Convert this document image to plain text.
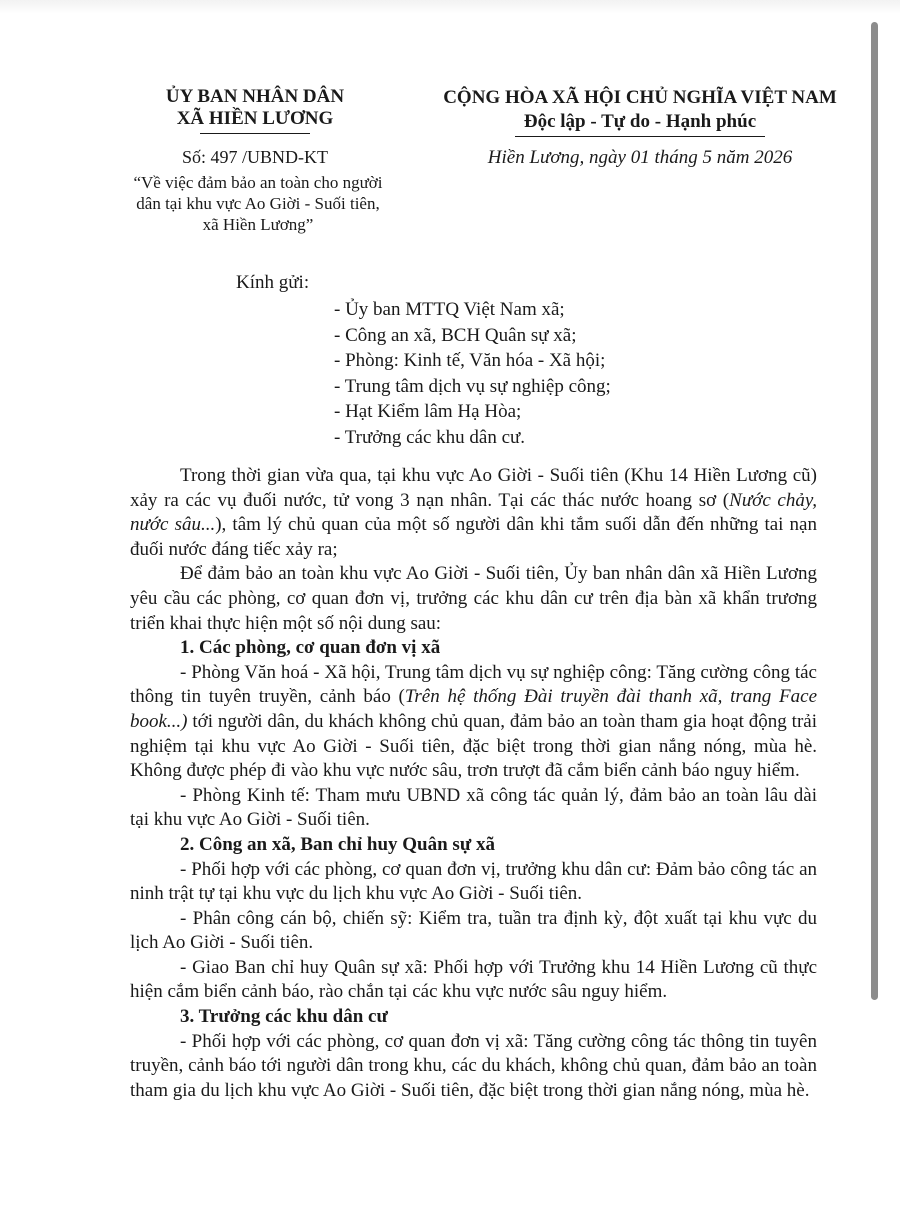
ỦY BAN NHÂN DÂN

XÃ HIỀN LƯƠNG

CỘNG HÒA XÃ HỘI CHỦ NGHĨA VIỆT NAM

Độc lập - Tự do - Hạnh phúc

Số: 497 /UBND-KT
“Về việc đảm bảo an toàn cho người dân tại khu vực Ao Giời - Suối tiên, xã Hiền Lương”
Hiền Lương, ngày 01 tháng 5 năm 2026
Kính gửi:
- Ủy ban MTTQ Việt Nam xã;
- Công an xã, BCH Quân sự xã;
- Phòng: Kinh tế, Văn hóa - Xã hội;
- Trung tâm dịch vụ sự nghiệp công;
- Hạt Kiểm lâm Hạ Hòa;
- Trưởng các khu dân cư.

Trong thời gian vừa qua, tại khu vực Ao Giời - Suối tiên (Khu 14 Hiền Lương cũ) xảy ra các vụ đuối nước, tử vong 3 nạn nhân. Tại các thác nước hoang sơ (Nước chảy, nước sâu...), tâm lý chủ quan của một số người dân khi tắm suối dẫn đến những tai nạn đuối nước đáng tiếc xảy ra;

Để đảm bảo an toàn khu vực Ao Giời - Suối tiên, Ủy ban nhân dân xã Hiền Lương yêu cầu các phòng, cơ quan đơn vị, trưởng các khu dân cư trên địa bàn xã khẩn trương triển khai thực hiện một số nội dung sau:

1. Các phòng, cơ quan đơn vị xã

- Phòng Văn hoá - Xã hội, Trung tâm dịch vụ sự nghiệp công: Tăng cường công tác thông tin tuyên truyền, cảnh báo (Trên hệ thống Đài truyền đài thanh xã, trang Face book...) tới người dân, du khách không chủ quan, đảm bảo an toàn tham gia hoạt động trải nghiệm tại khu vực Ao Giời - Suối tiên, đặc biệt trong thời gian nắng nóng, mùa hè. Không được phép đi vào khu vực nước sâu, trơn trượt đã cắm biển cảnh báo nguy hiểm.

- Phòng Kinh tế: Tham mưu UBND xã công tác quản lý, đảm bảo an toàn lâu dài tại khu vực Ao Giời - Suối tiên.

2. Công an xã, Ban chỉ huy Quân sự xã

- Phối hợp với các phòng, cơ quan đơn vị, trưởng khu dân cư: Đảm bảo công tác an ninh trật tự tại khu vực du lịch khu vực Ao Giời - Suối tiên.

- Phân công cán bộ, chiến sỹ: Kiểm tra, tuần tra định kỳ, đột xuất tại khu vực du lịch Ao Giời - Suối tiên.

- Giao Ban chỉ huy Quân sự xã: Phối hợp với Trưởng khu 14 Hiền Lương cũ thực hiện cắm biển cảnh báo, rào chắn tại các khu vực nước sâu nguy hiểm.

3. Trưởng các khu dân cư

- Phối hợp với các phòng, cơ quan đơn vị xã: Tăng cường công tác thông tin tuyên truyền, cảnh báo tới người dân trong khu, các du khách, không chủ quan, đảm bảo an toàn tham gia du lịch khu vực Ao Giời - Suối tiên, đặc biệt trong thời gian nắng nóng, mùa hè.
